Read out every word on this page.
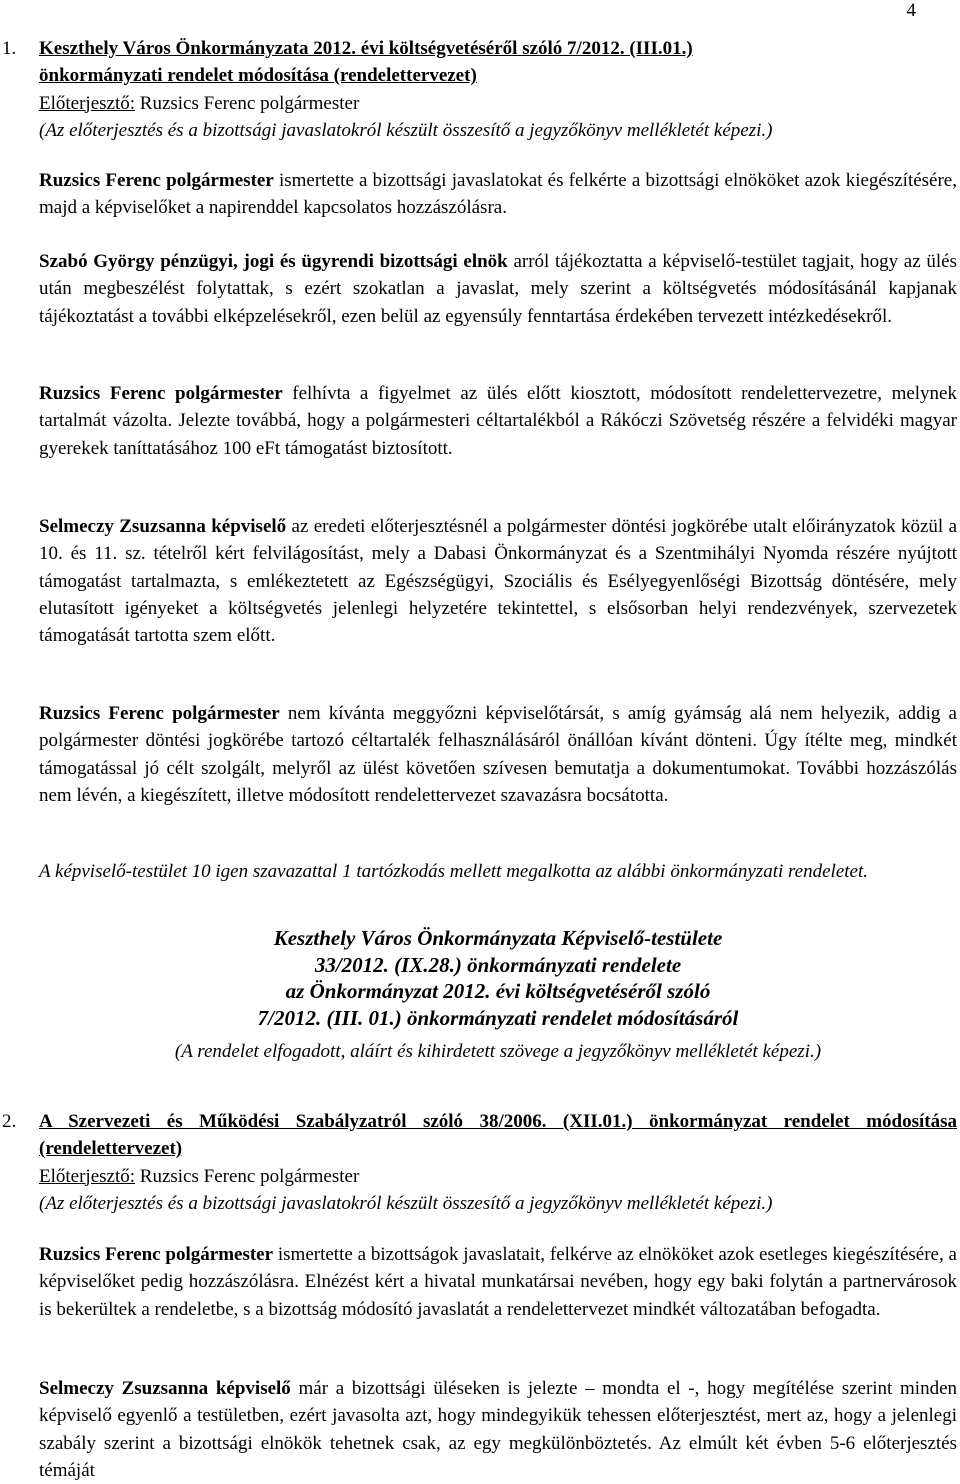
4
1. Keszthely Város Önkormányzata 2012. évi költségvetéséről szóló 7/2012. (III.01.)

önkormányzati rendelet módosítása (rendelettervezet)

Előterjesztő: Ruzsics Ferenc polgármester

(Az előterjesztés és a bizottsági javaslatokról készült összesítő a jegyzőkönyv mellékletét képezi.)

Ruzsics Ferenc polgármester ismertette a bizottsági javaslatokat és felkérte a bizottsági elnököket azok kiegészítésére, majd a képviselőket a napirenddel kapcsolatos hozzászólásra.
Szabó György pénzügyi, jogi és ügyrendi bizottsági elnök arról tájékoztatta a képviselő-testület tagjait, hogy az ülés után megbeszélést folytattak, s ezért szokatlan a javaslat, mely szerint a költségvetés módosításánál kapjanak tájékoztatást a további elképzelésekről, ezen belül az egyensúly fenntartása érdekében tervezett intézkedésekről.
Ruzsics Ferenc polgármester felhívta a figyelmet az ülés előtt kiosztott, módosított rendelettervezetre, melynek tartalmát vázolta. Jelezte továbbá, hogy a polgármesteri céltartalékból a Rákóczi Szövetség részére a felvidéki magyar gyerekek taníttatásához 100 eFt támogatást biztosított.
Selmeczy Zsuzsanna képviselő az eredeti előterjesztésnél a polgármester döntési jogkörébe utalt előirányzatok közül a 10. és 11. sz. tételről kért felvilágosítást, mely a Dabasi Önkormányzat és a Szentmihályi Nyomda részére nyújtott támogatást tartalmazta, s emlékeztetett az Egészségügyi, Szociális és Esélyegyenlőségi Bizottság döntésére, mely elutasított igényeket a költségvetés jelenlegi helyzetére tekintettel, s elsősorban helyi rendezvények, szervezetek támogatását tartotta szem előtt.
Ruzsics Ferenc polgármester nem kívánta meggyőzni képviselőtársát, s amíg gyámság alá nem helyezik, addig a polgármester döntési jogkörébe tartozó céltartalék felhasználásáról önállóan kívánt dönteni. Úgy ítélte meg, mindkét támogatással jó célt szolgált, melyről az ülést követően szívesen bemutatja a dokumentumokat. További hozzászólás nem lévén, a kiegészített, illetve módosított rendelettervezet szavazásra bocsátotta.
A képviselő-testület 10 igen szavazattal 1 tartózkodás mellett megalkotta az alábbi önkormányzati rendeletet.

Keszthely Város Önkormányzata Képviselő-testülete

33/2012. (IX.28.) önkormányzati rendelete

az Önkormányzat 2012. évi költségvetéséről szóló

7/2012. (III. 01.) önkormányzati rendelet módosításáról

(A rendelet elfogadott, aláírt és kihirdetett szövege a jegyzőkönyv mellékletét képezi.)
2. A Szervezeti és Működési Szabályzatról szóló 38/2006. (XII.01.) önkormányzat rendelet módosítása (rendelettervezet)

Előterjesztő: Ruzsics Ferenc polgármester

(Az előterjesztés és a bizottsági javaslatokról készült összesítő a jegyzőkönyv mellékletét képezi.)

Ruzsics Ferenc polgármester ismertette a bizottságok javaslatait, felkérve az elnököket azok esetleges kiegészítésére, a képviselőket pedig hozzászólásra. Elnézést kért a hivatal munkatársai nevében, hogy egy baki folytán a partnervárosok is bekerültek a rendeletbe, s a bizottság módosító javaslatát a rendelettervezet mindkét változatában befogadta.
Selmeczy Zsuzsanna képviselő már a bizottsági üléseken is jelezte – mondta el -, hogy megítélése szerint minden képviselő egyenlő a testületben, ezért javasolta azt, hogy mindegyikük tehessen előterjesztést, mert az, hogy a jelenlegi szabály szerint a bizottsági elnökök tehetnek csak, az egy megkülönböztetés. Az elmúlt két évben 5-6 előterjesztés témáját
